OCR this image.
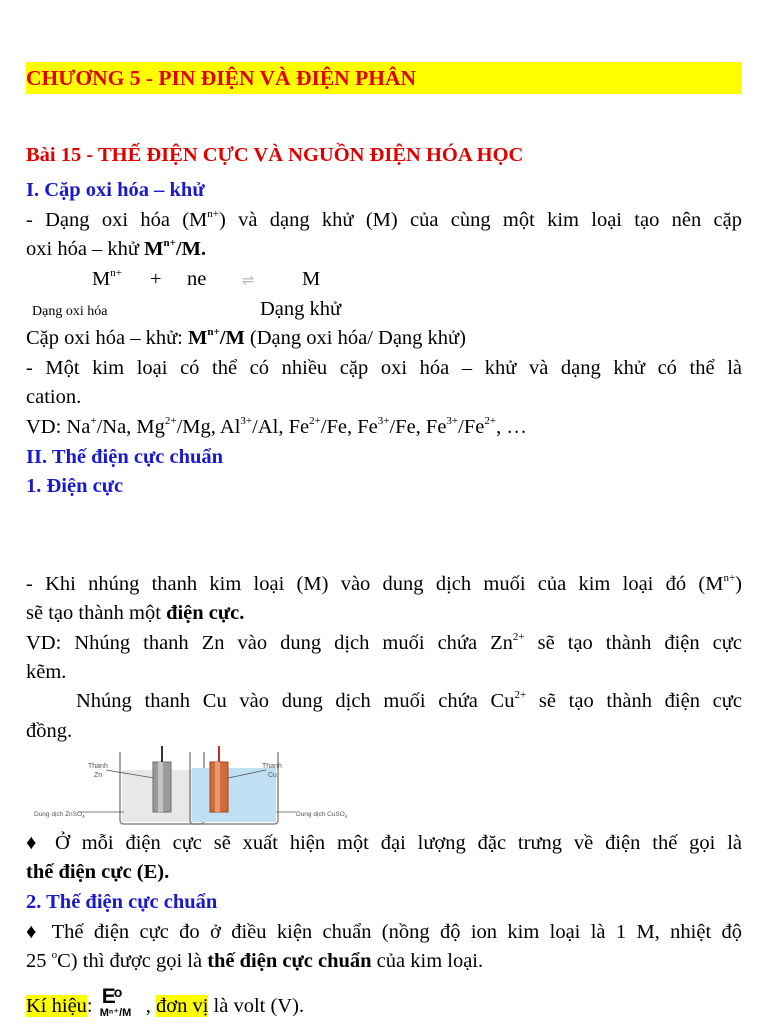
CHƯƠNG 5 - PIN ĐIỆN VÀ ĐIỆN PHÂN
Bài 15 - THẾ ĐIỆN CỰC VÀ NGUỒN ĐIỆN HÓA HỌC
I. Cặp oxi hóa – khử
- Dạng oxi hóa $(M^{n+})$ và dạng khử (M) của cùng một kim loại tạo nên cặp
oxi hóa – khử $M^{n+}/M$.
$M^{n+}$ + ne ⇌ M
Dạng oxi hóa	Dạng khử
Cặp oxi hóa – khử: $M^{n+}/M$ (Dạng oxi hóa/ Dạng khử)
- Một kim loại có thể có nhiều cặp oxi hóa – khử và dạng khử có thể là
cation.
VD: Na+/Na, $Mg^{2+}/Mg$, $Al^{3+}/Al$, $Fe^{2+}/Fe$, $Fe^{3+}/Fe$, $Fe^{3+}/Fe^{2+}$, …
II. Thế điện cực chuẩn
1. Điện cực
- Khi nhúng thanh kim loại (M) vào dung dịch muối của kim loại đó $(M^{n+})$
sẽ tạo thành một điện cực.
VD: Nhúng thanh Zn vào dung dịch muối chứa $Zn^{2+}$ sẽ tạo thành điện cực
kẽm.
Nhúng thanh Cu vào dung dịch muối chứa $Cu^{2+}$ sẽ tạo thành điện cực
đồng.
Thanh
Zn
Dung dịch ZnSO$_4$
Thanh
Cu
Dung dịch CuSO$_4$
♦ Ở mỗi điện cực sẽ xuất hiện một đại lượng đặc trưng về điện thế gọi là
thế điện cực (E).
2. Thế điện cực chuẩn
♦ Thế điện cực đo ở điều kiện chuẩn (nồng độ ion kim loại là 1 M, nhiệt độ
25 $^o$C) thì được gọi là thế điện cực chuẩn của kim loại.
Kí hiệu: E
o
Mⁿ⁺/M , đơn vị là volt (V).
